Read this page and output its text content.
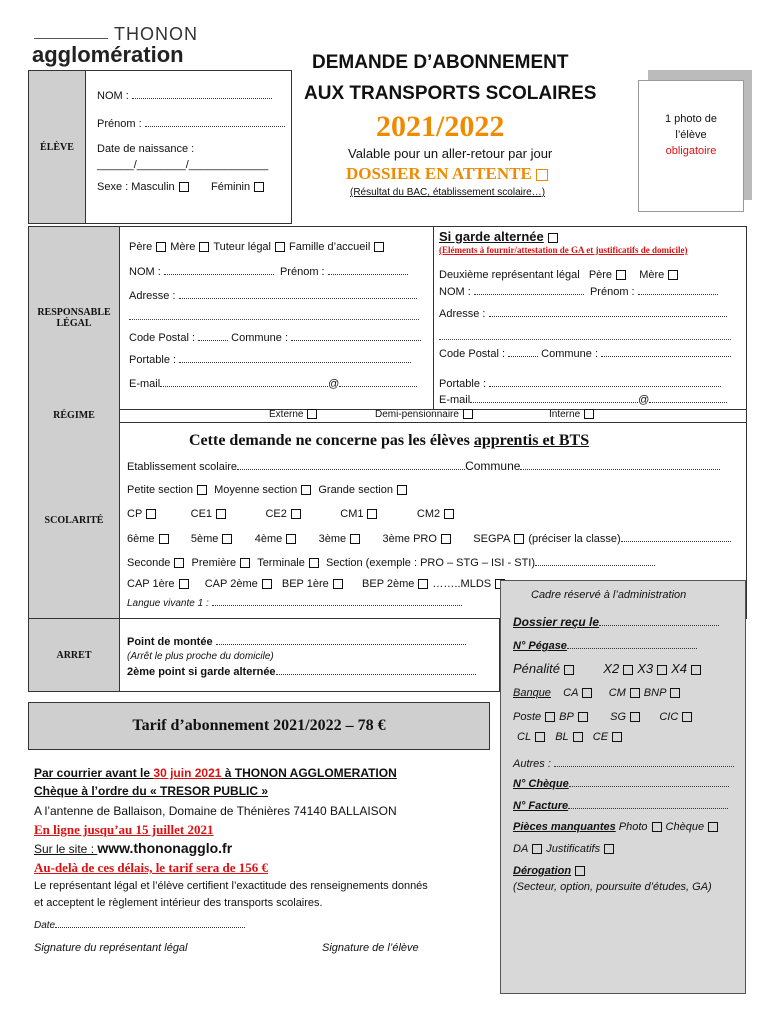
THONON
agglomération
ÉLÈVE
NOM :
Prénom :
Date de naissance :
______/________/_____________
Sexe : Masculin	Féminin
DEMANDE D’ABONNEMENT
AUX TRANSPORTS SCOLAIRES
2021/2022
Valable pour un aller-retour par jour
DOSSIER EN ATTENTE
(Résultat du BAC, établissement scolaire…)
1 photo de
l’élève
obligatoire
RESPONSABLE LÉGAL
Père Mère Tuteur légal Famille d’accueil
NOM :	Prénom :
Adresse :
Code Postal :	Commune :
Portable :
E-mail	@
Si garde alternée
(Eléments à fournir/attestation de GA et justificatifs de domicile)
Deuxième représentant légal Père Mère
NOM :	Prénom :
Adresse :
Code Postal :	Commune :
Portable :
E-mail	@
RÉGIME	Externe	Demi-pensionnaire	Interne
SCOLARITÉ
Cette demande ne concerne pas les élèves apprentis et BTS
Etablissement scolaire	Commune
Petite section Moyenne section Grande section
CP	CE1	CE2	CM1	CM2
6ème	5ème	4ème	3ème	3ème PRO	SEGPA (préciser la classe)
Seconde Première Terminale Section (exemple : PRO – STG – ISI - STI)
CAP 1ère	CAP 2ème BEP 1ère	BEP 2ème ……..MLDS
Langue vivante 1 :
ARRET
Point de montée
(Arrêt le plus proche du domicile)
2ème point si garde alternée
Cadre réservé à l’administration
Dossier reçu le
N° Pégase
Pénalité	X2 X3 X4
Banque CA	CM BNP
Poste BP	SG	CIC
CL BL CE
Autres :
N° Chèque
N° Facture
Pièces manquantes Photo Chèque
DA Justificatifs
Dérogation
(Secteur, option, poursuite d’études, GA)
Tarif d’abonnement 2021/2022 – 78 €
Par courrier avant le 30 juin 2021 à THONON AGGLOMERATION
Chèque à l’ordre du « TRESOR PUBLIC »
A l’antenne de Ballaison, Domaine de Thénières 74140 BALLAISON
En ligne jusqu’au 15 juillet 2021
Sur le site : www.thononagglo.fr
Au-delà de ces délais, le tarif sera de 156 €
Le représentant légal et l’élève certifient l’exactitude des renseignements donnés
et acceptent le règlement intérieur des transports scolaires.
Date
Signature du représentant légal	Signature de l’élève
